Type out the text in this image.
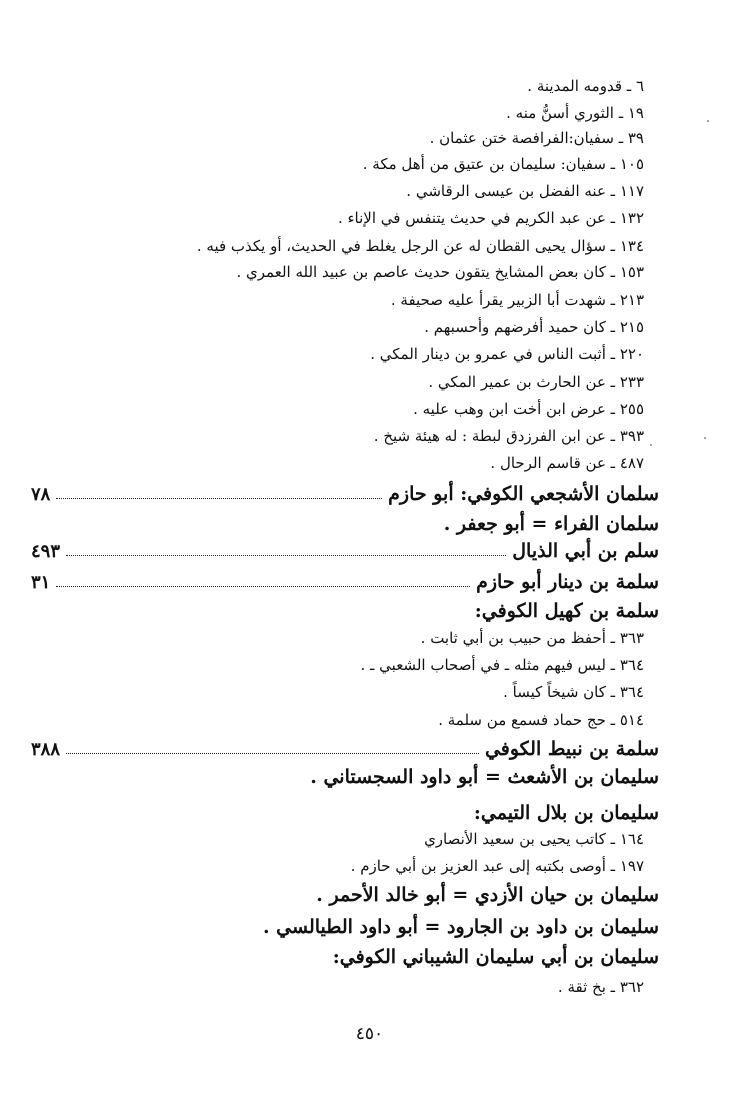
٦ ـ قدومه المدينة .
١٩ ـ الثوري أسنُّ منه .
٣٩ ـ سفيان:الفرافصة ختن عثمان .
١٠٥ ـ سفيان: سليمان بن عتيق من أهل مكة .
١١٧ ـ عنه الفضل بن عيسى الرقاشي .
١٣٢ ـ عن عبد الكريم في حديث يتنفس في الإناء .
١٣٤ ـ سؤال يحيى القطان له عن الرجل يغلط في الحديث، أو يكذب فيه .
١٥٣ ـ كان بعض المشايخ يتقون حديث عاصم بن عبيد الله العمري .
٢١٣ ـ شهدت أبا الزبير يقرأ عليه صحيفة .
٢١٥ ـ كان حميد أفرضهم وأحسبهم .
٢٢٠ ـ أثبت الناس في عمرو بن دينار المكي .
٢٣٣ ـ عن الحارث بن عمير المكي .
٢٥٥ ـ عرض ابن أخت ابن وهب عليه .
٣٩٣ ـ عن ابن الفرزدق لبطة : له هيئة شيخ .
٤٨٧ ـ عن قاسم الرحال .
سلمان الأشجعي الكوفي: أبو حازم
٧٨
سلمان الفراء = أبو جعفر .
سلم بن أبي الذيال
٤٩٣
سلمة بن دينار أبو حازم
٣١
سلمة بن كهيل الكوفي:
٣٦٣ ـ أحفظ من حبيب بن أبي ثابت .
٣٦٤ ـ ليس فيهم مثله ـ في أصحاب الشعبي ـ .
٣٦٤ ـ كان شيخاً كيساً .
٥١٤ ـ حج حماد فسمع من سلمة .
سلمة بن نبيط الكوفي
٣٨٨
سليمان بن الأشعث = أبو داود السجستاني .
سليمان بن بلال التيمي:
١٦٤ ـ كاتب يحيى بن سعيد الأنصاري
١٩٧ ـ أوصى بكتبه إلى عبد العزيز بن أبي حازم .
سليمان بن حيان الأزدي = أبو خالد الأحمر .
سليمان بن داود بن الجارود = أبو داود الطيالسي .
سليمان بن أبي سليمان الشيباني الكوفي:
٣٦٢ ـ بخ ثقة .
٤٥٠
